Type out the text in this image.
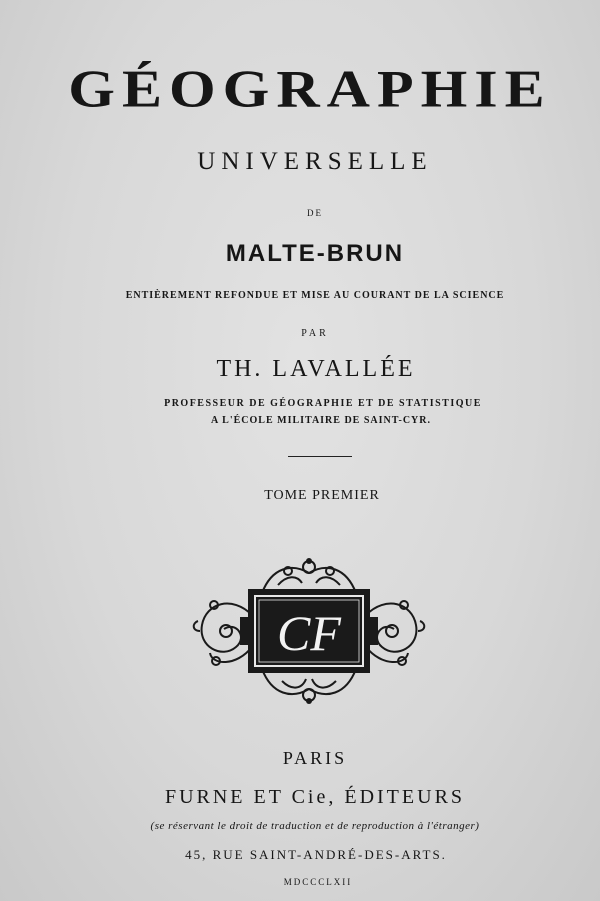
GÉOGRAPHIE
UNIVERSELLE
DE
MALTE-BRUN
ENTIÈREMENT REFONDUE ET MISE AU COURANT DE LA SCIENCE
PAR
TH. LAVALLÉE
PROFESSEUR DE GÉOGRAPHIE ET DE STATISTIQUE
A L'ÉCOLE MILITAIRE DE SAINT-CYR.
TOME PREMIER
CF
PARIS
FURNE ET Cie, ÉDITEURS
(se réservant le droit de traduction et de reproduction à l'étranger)
45, RUE SAINT-ANDRÉ-DES-ARTS.
MDCCCLXII
